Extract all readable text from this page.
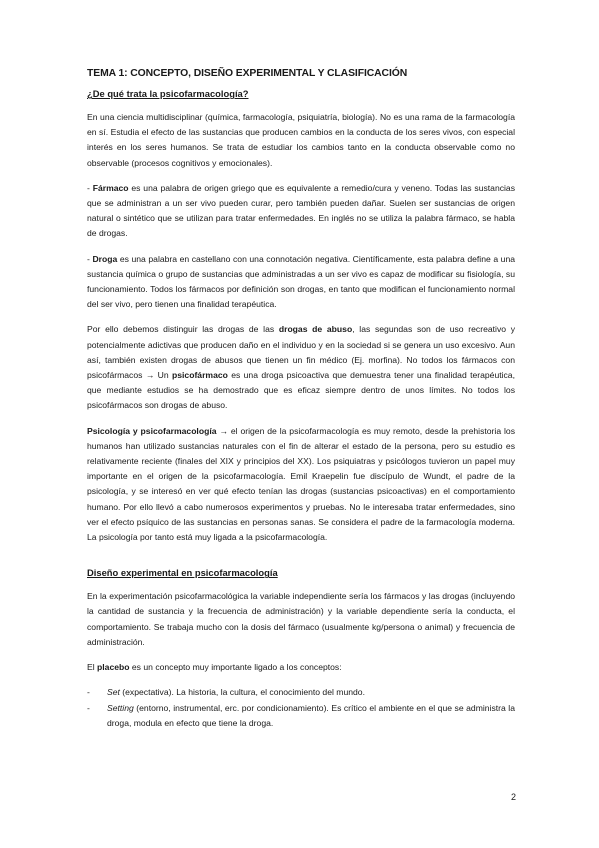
TEMA 1: CONCEPTO, DISEÑO EXPERIMENTAL Y CLASIFICACIÓN
¿De qué trata la psicofarmacología?

En una ciencia multidisciplinar (química, farmacología, psiquiatría, biología). No es una rama de la farmacología en sí. Estudia el efecto de las sustancias que producen cambios en la conducta de los seres vivos, con especial interés en los seres humanos. Se trata de estudiar los cambios tanto en la conducta observable como no observable (procesos cognitivos y emocionales).

- Fármaco es una palabra de origen griego que es equivalente a remedio/cura y veneno. Todas las sustancias que se administran a un ser vivo pueden curar, pero también pueden dañar. Suelen ser sustancias de origen natural o sintético que se utilizan para tratar enfermedades. En inglés no se utiliza la palabra fármaco, se habla de drogas.

- Droga es una palabra en castellano con una connotación negativa. Científicamente, esta palabra define a una sustancia química o grupo de sustancias que administradas a un ser vivo es capaz de modificar su fisiología, su funcionamiento. Todos los fármacos por definición son drogas, en tanto que modifican el funcionamiento normal del ser vivo, pero tienen una finalidad terapéutica.

Por ello debemos distinguir las drogas de las drogas de abuso, las segundas son de uso recreativo y potencialmente adictivas que producen daño en el individuo y en la sociedad si se genera un uso excesivo. Aun así, también existen drogas de abusos que tienen un fin médico (Ej. morfina). No todos los fármacos con psicofármacos → Un psicofármaco es una droga psicoactiva que demuestra tener una finalidad terapéutica, que mediante estudios se ha demostrado que es eficaz siempre dentro de unos límites. No todos los psicofármacos son drogas de abuso.

Psicología y psicofarmacología → el origen de la psicofarmacología es muy remoto, desde la prehistoria los humanos han utilizado sustancias naturales con el fin de alterar el estado de la persona, pero su estudio es relativamente reciente (finales del XIX y principios del XX). Los psiquiatras y psicólogos tuvieron un papel muy importante en el origen de la psicofarmacología. Emil Kraepelin fue discípulo de Wundt, el padre de la psicología, y se interesó en ver qué efecto tenían las drogas (sustancias psicoactivas) en el comportamiento humano. Por ello llevó a cabo numerosos experimentos y pruebas. No le interesaba tratar enfermedades, sino ver el efecto psíquico de las sustancias en personas sanas. Se considera el padre de la farmacología moderna. La psicología por tanto está muy ligada a la psicofarmacología.

Diseño experimental en psicofarmacología

En la experimentación psicofarmacológica la variable independiente sería los fármacos y las drogas (incluyendo la cantidad de sustancia y la frecuencia de administración) y la variable dependiente sería la conducta, el comportamiento. Se trabaja mucho con la dosis del fármaco (usualmente kg/persona o animal) y frecuencia de administración.

El placebo es un concepto muy importante ligado a los conceptos:

- Set (expectativa). La historia, la cultura, el conocimiento del mundo.
- Setting (entorno, instrumental, erc. por condicionamiento). Es crítico el ambiente en el que se administra la droga, modula en efecto que tiene la droga.
2
